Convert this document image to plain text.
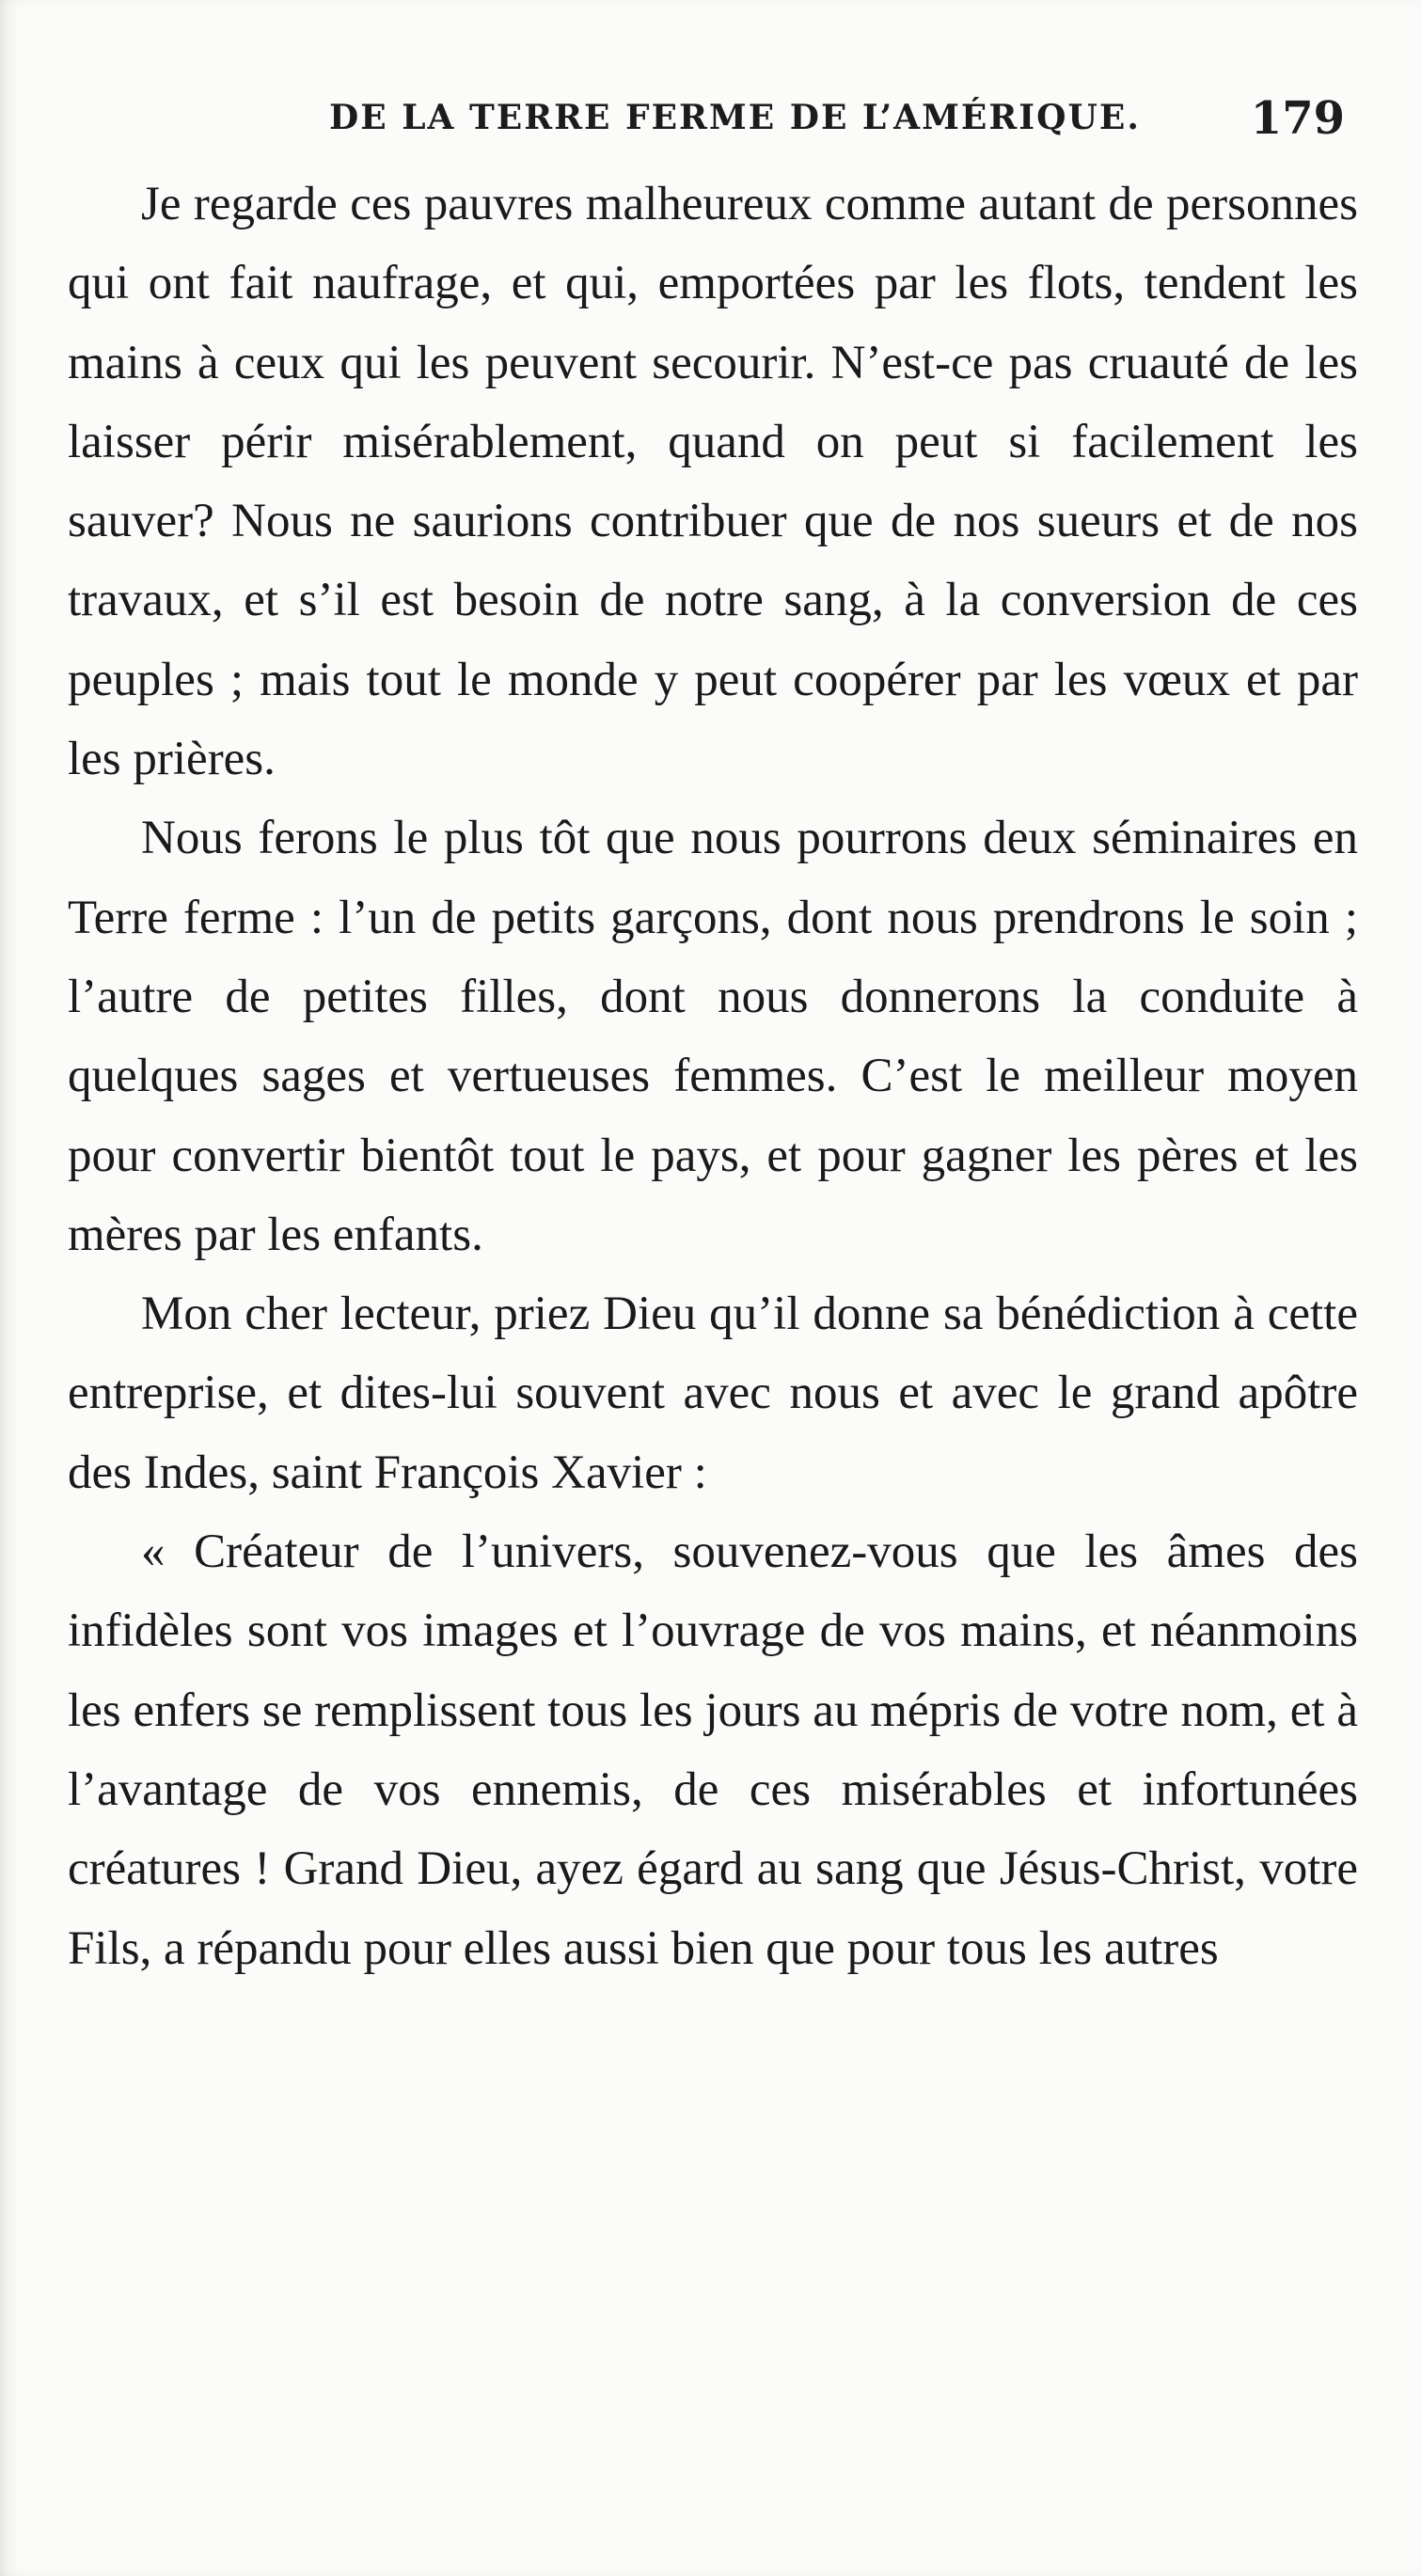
DE LA TERRE FERME DE L’AMÉRIQUE. 179

Je regarde ces pauvres malheureux comme autant de personnes qui ont fait naufrage, et qui, emportées par les flots, tendent les mains à ceux qui les peuvent secourir. N’est-ce pas cruauté de les laisser périr misérablement, quand on peut si facilement les sauver? Nous ne saurions contribuer que de nos sueurs et de nos travaux, et s’il est besoin de notre sang, à la conversion de ces peuples ; mais tout le monde y peut coopérer par les vœux et par les prières.

Nous ferons le plus tôt que nous pourrons deux séminaires en Terre ferme : l’un de petits garçons, dont nous prendrons le soin ; l’autre de petites filles, dont nous donnerons la conduite à quelques sages et vertueuses femmes. C’est le meilleur moyen pour convertir bientôt tout le pays, et pour gagner les pères et les mères par les enfants.

Mon cher lecteur, priez Dieu qu’il donne sa bénédiction à cette entreprise, et dites-lui souvent avec nous et avec le grand apôtre des Indes, saint François Xavier :

« Créateur de l’univers, souvenez-vous que les âmes des infidèles sont vos images et l’ouvrage de vos mains, et néanmoins les enfers se remplissent tous les jours au mépris de votre nom, et à l’avantage de vos ennemis, de ces misérables et infortunées créatures ! Grand Dieu, ayez égard au sang que Jésus-Christ, votre Fils, a répandu pour elles aussi bien que pour tous les autres
